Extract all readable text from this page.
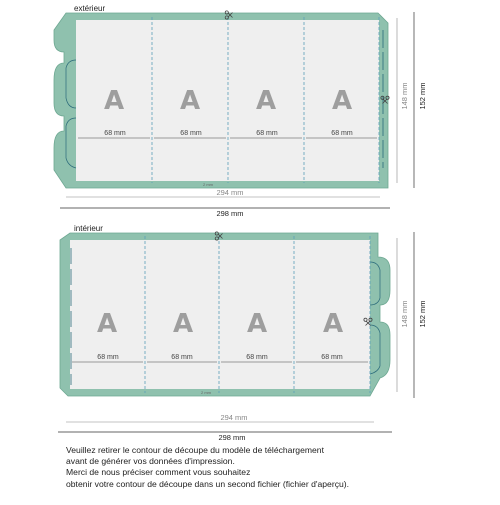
extérieur
A A A A
68 mm	68 mm	68 mm	68 mm
2 mm
294 mm
298 mm
148 mm 152 mm
intérieur
A A A A
68 mm	68 mm	68 mm	68 mm
2 mm
294 mm
298 mm
148 mm 152 mm
Veuillez retirer le contour de découpe du modèle de téléchargement
avant de générer vos données d'impression.
Merci de nous préciser comment vous souhaitez
obtenir votre contour de découpe dans un second fichier (fichier d'aperçu).
